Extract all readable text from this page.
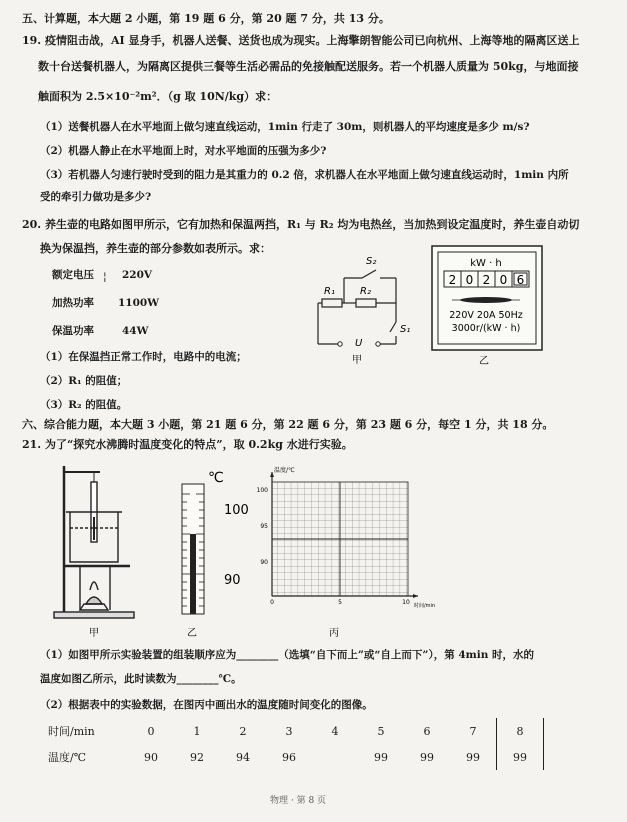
五、计算题，本大题 2 小题，第 19 题 6 分，第 20 题 7 分，共 13 分。
19. 疫情阻击战，AI 显身手，机器人送餐、送货也成为现实。上海擎朗智能公司已向杭州、上海等地的隔离区送上
数十台送餐机器人，为隔离区提供三餐等生活必需品的免接触配送服务。若一个机器人质量为 50kg，与地面接
触面积为 2.5×10⁻²m²．（g 取 10N/kg）求：
（1）送餐机器人在水平地面上做匀速直线运动，1min 行走了 30m，则机器人的平均速度是多少 m/s?
（2）机器人静止在水平地面上时，对水平地面的压强为多少?
（3）若机器人匀速行驶时受到的阻力是其重力的 0.2 倍，求机器人在水平地面上做匀速直线运动时，1min 内所
受的牵引力做功是多少?
20. 养生壶的电路如图甲所示，它有加热和保温两挡，R₁ 与 R₂ 均为电热丝，当加热到设定温度时，养生壶自动切
换为保温挡，养生壶的部分参数如表所示。求：
额定电压 ¦ 220V
加热功率 1100W
保温功率	44W
S₂
R₁	R₂
S₁
U
甲
kW · h
2 0 2 0 6
220V 20A 50Hz
3000r/(kW · h)
乙
（1）在保温挡正常工作时，电路中的电流；
（2）R₁ 的阻值；
（3）R₂ 的阻值。
六、综合能力题，本大题 3 小题，第 21 题 6 分，第 22 题 6 分，第 23 题 6 分，每空 1 分，共 18 分。
21. 为了“探究水沸腾时温度变化的特点”，取 0.2kg 水进行实验。
甲
℃
100
90
乙
温度/℃
100
95
90
0	5	10 时间/min
丙
（1）如图甲所示实验装置的组装顺序应为________（选填“自下而上”或“自上而下”），第 4min 时，水的
温度如图乙所示，此时读数为________℃。
（2）根据表中的实验数据，在图丙中画出水的温度随时间变化的图像。
时间/min	0	1	2	3	4	5	6	7	8
温度/℃	90	92	94	96		99	99	99	99
物理 · 第 8 页
